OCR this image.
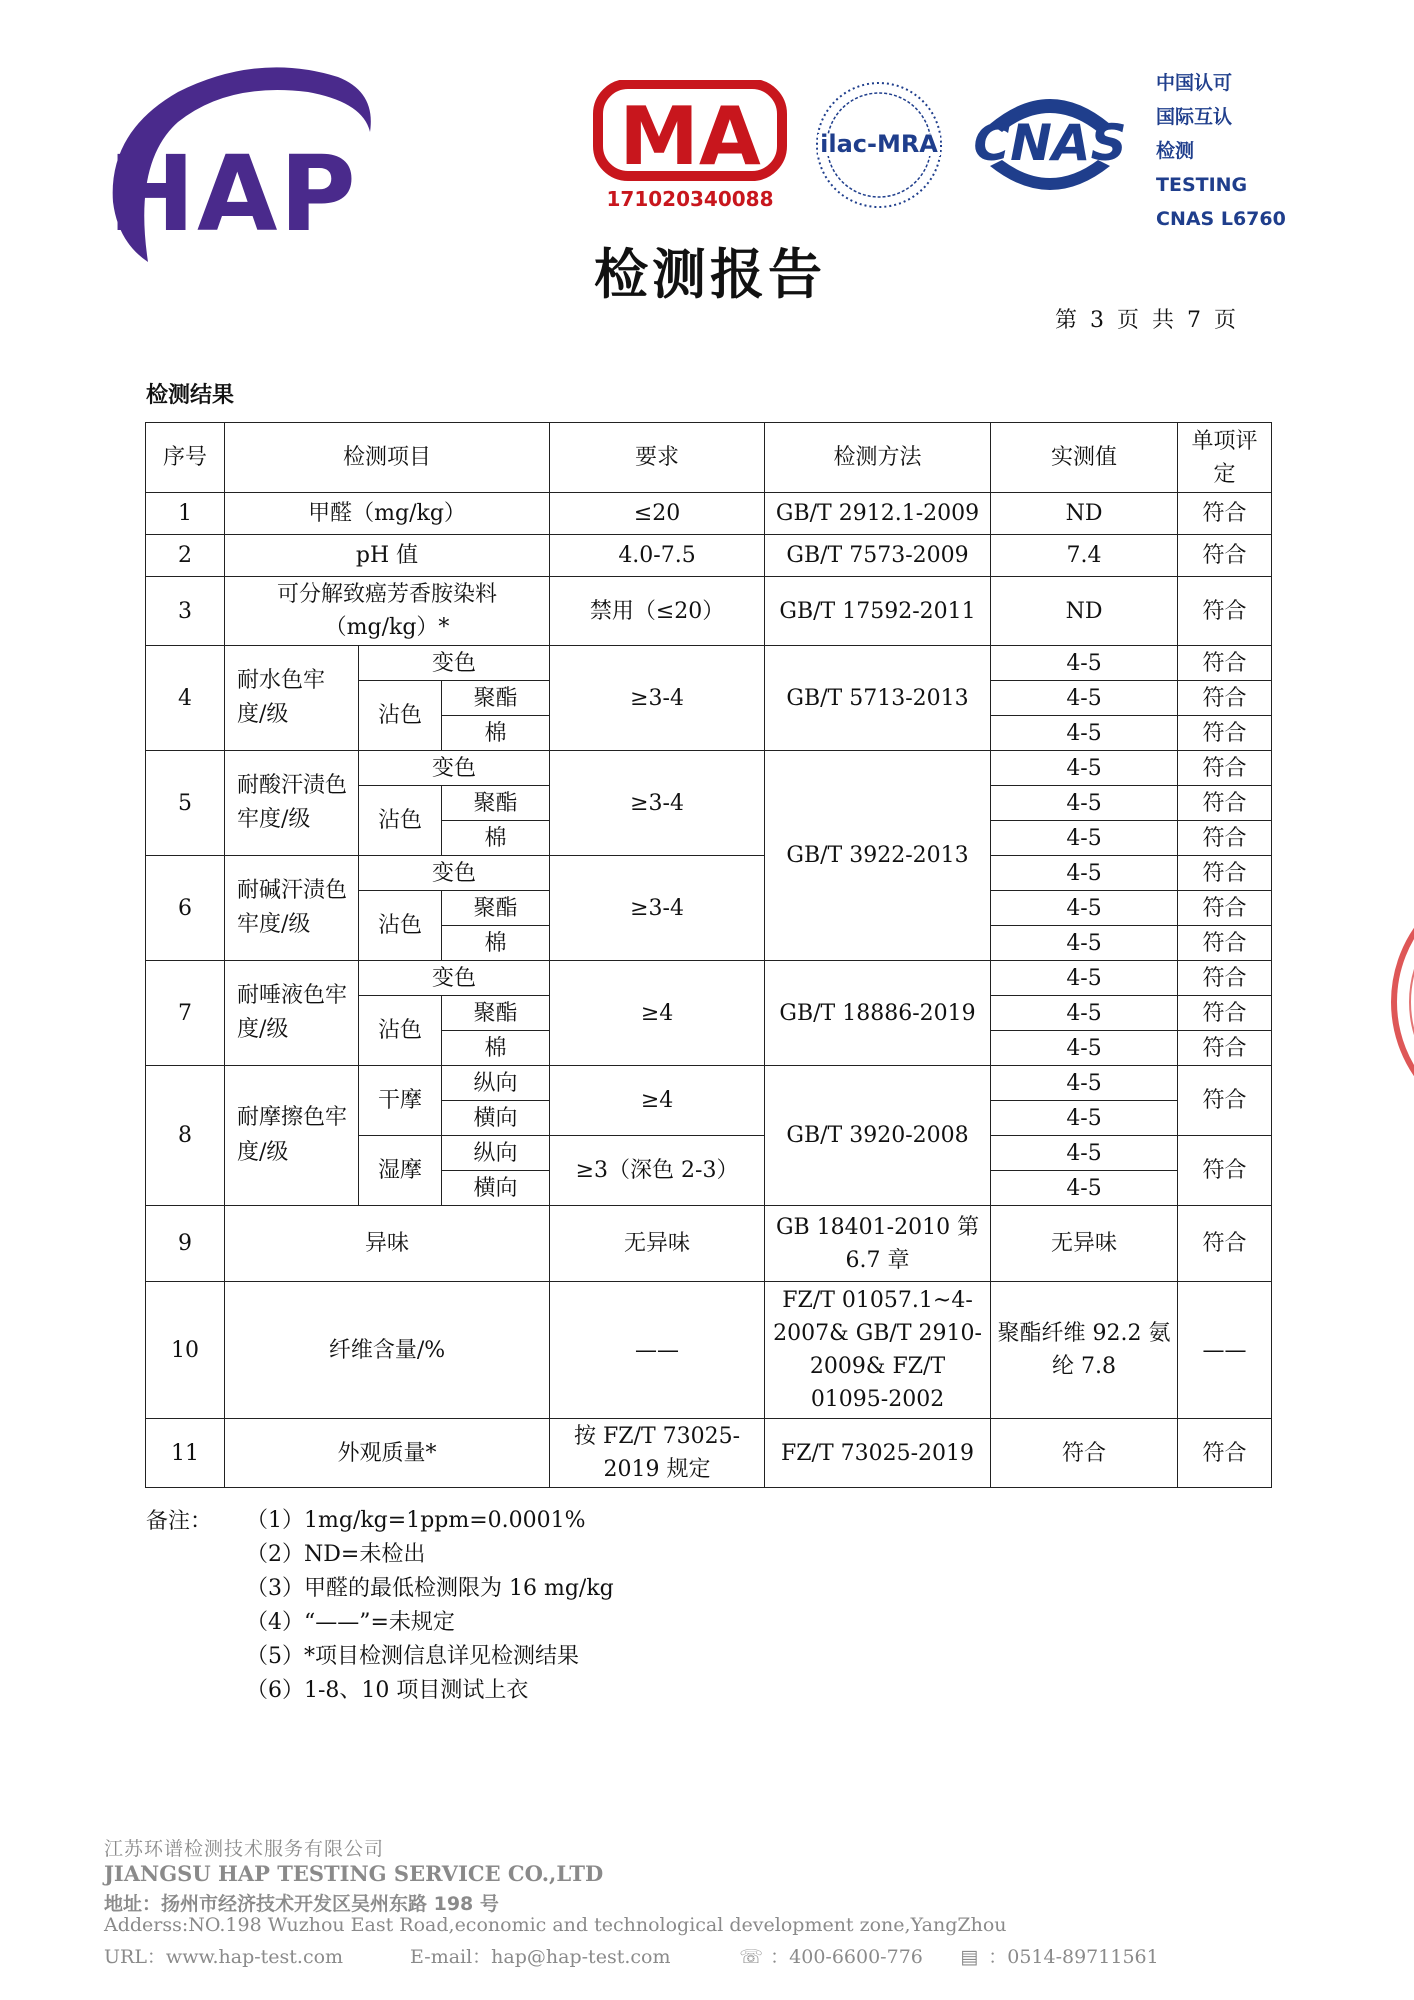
HAP	MA
171020340088
ilac-MRA CNAS
中国认可
国际互认
检测
TESTING
CNAS L6760
检测报告
第 3 页 共 7 页
检测结果
序号	检测项目			要求	检测方法	实测值	单项评定
1	甲醛（mg/kg）			≤20	GB/T 2912.1-2009	ND	符合
2	pH 值			4.0-7.5	GB/T 7573-2009	7.4	符合
3	可分解致癌芳香胺染料（mg/kg）*			禁用（≤20）	GB/T 17592-2011	ND	符合
4	耐水色牢度/级	变色		≥3-4	GB/T 5713-2013	4-5	符合
		沾色	聚酯			4-5	符合
			棉			4-5	符合
5	耐酸汗渍色牢度/级	变色		≥3-4	GB/T 3922-2013	4-5	符合
		沾色	聚酯			4-5	符合
			棉			4-5	符合
6	耐碱汗渍色牢度/级	变色		≥3-4		4-5	符合
		沾色	聚酯			4-5	符合
			棉			4-5	符合
7	耐唾液色牢度/级	变色		≥4	GB/T 18886-2019	4-5	符合
		沾色	聚酯			4-5	符合
			棉			4-5	符合
8	耐摩擦色牢度/级	干摩	纵向	≥4	GB/T 3920-2008	4-5	符合
			横向			4-5	
		湿摩	纵向	≥3（深色 2-3）		4-5	符合
			横向			4-5	
9	异味			无异味	GB 18401-2010 第 6.7 章	无异味	符合
10	纤维含量/%			——	FZ/T 01057.1~4-2007& GB/T 2910-2009& FZ/T 01095-2002	聚酯纤维 92.2 氨纶 7.8	——
11	外观质量*			按 FZ/T 73025-2019 规定	FZ/T 73025-2019	符合	符合
备注： （1）1mg/kg=1ppm=0.0001%
（2）ND=未检出
（3）甲醛的最低检测限为 16 mg/kg
（4）“——”=未规定
（5）*项目检测信息详见检测结果
（6）1-8、10 项目测试上衣
江苏环谱检测技术服务有限公司
JIANGSU HAP TESTING SERVICE CO.,LTD
地址：扬州市经济技术开发区吴州东路 198 号
Adderss:NO.198 Wuzhou East Road,economic and technological development zone,YangZhou
URL：www.hap-test.com	E-mail：hap@hap-test.com	☏ ：400-6600-776 ▤ ：0514-89711561
